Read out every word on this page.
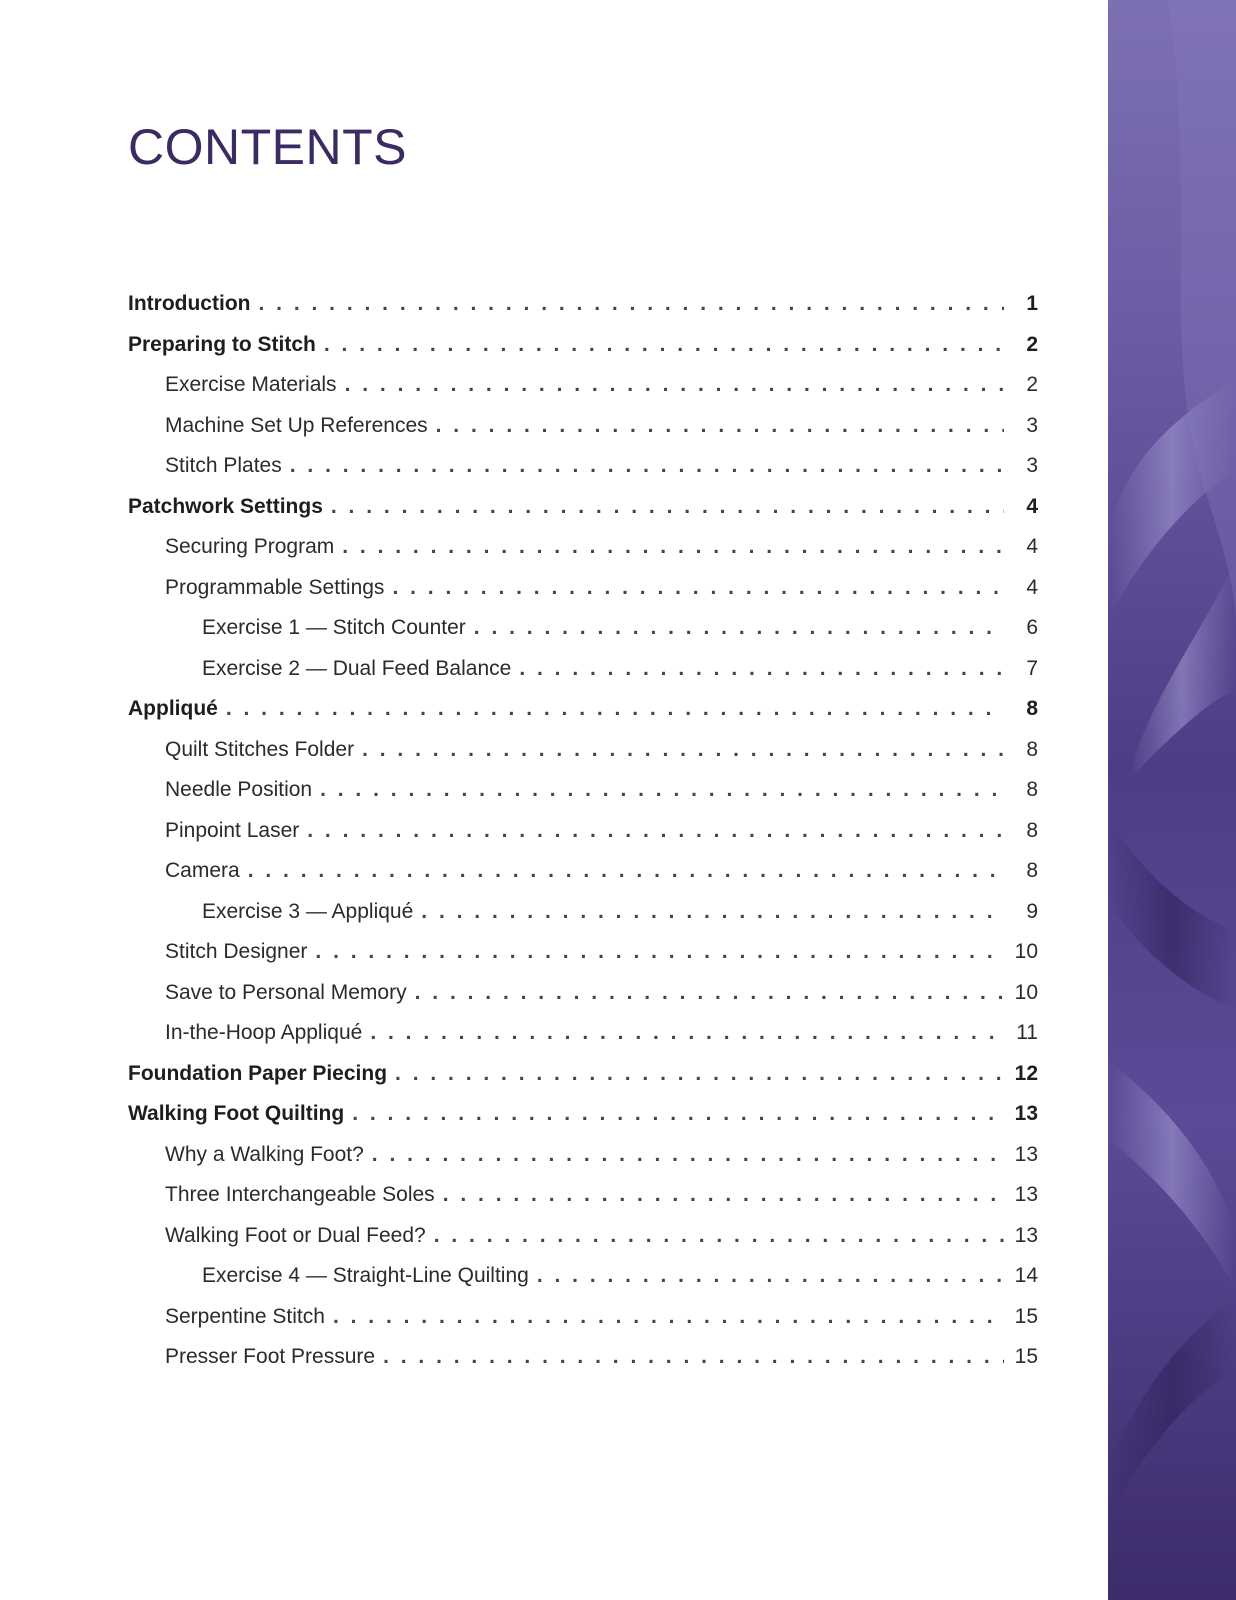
CONTENTS
Introduction . . .	1
Preparing to Stitch . . .	2
Exercise Materials . . .	2
Machine Set Up References . . .	3
Stitch Plates . . .	3
Patchwork Settings . . .	4
Securing Program . . .	4
Programmable Settings . . .	4
Exercise 1 — Stitch Counter . . .	6
Exercise 2 — Dual Feed Balance . . .	7
Appliqué . . .	8
Quilt Stitches Folder . . .	8
Needle Position . . .	8
Pinpoint Laser . . .	8
Camera . . .	8
Exercise 3 — Appliqué . . .	9
Stitch Designer . . .	10
Save to Personal Memory . . .	10
In-the-Hoop Appliqué . . .	11
Foundation Paper Piecing . . .	12
Walking Foot Quilting . . .	13
Why a Walking Foot? . . .	13
Three Interchangeable Soles . . .	13
Walking Foot or Dual Feed? . . .	13
Exercise 4 — Straight-Line Quilting . . .	14
Serpentine Stitch . . .	15
Presser Foot Pressure . . .	15
